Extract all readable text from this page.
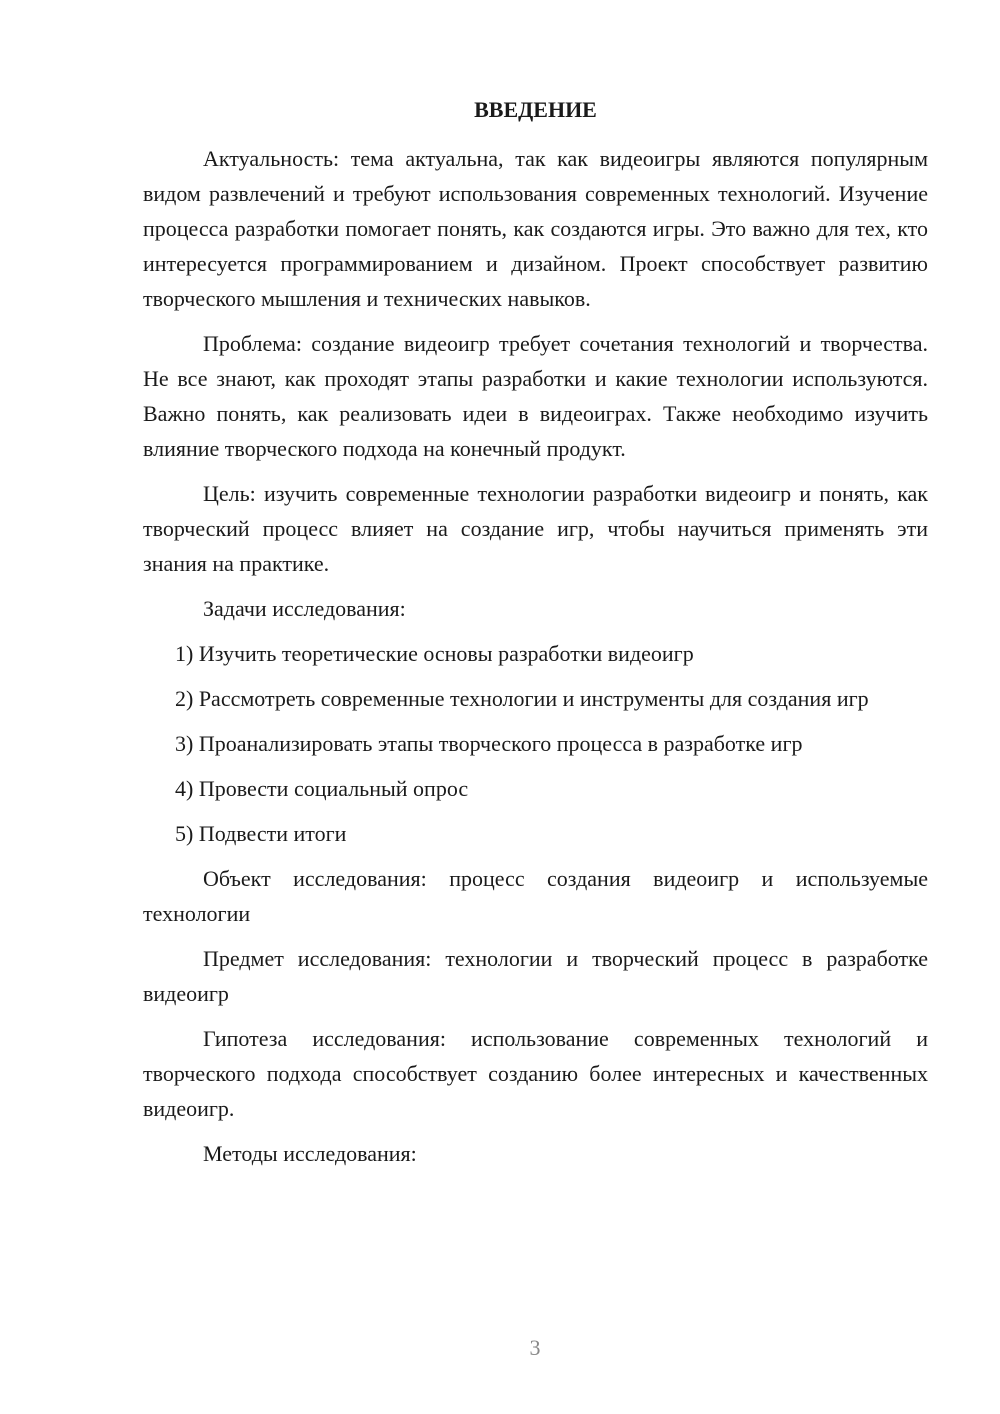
ВВЕДЕНИЕ

Актуальность: тема актуальна, так как видеоигры являются популярным видом развлечений и требуют использования современных технологий. Изучение процесса разработки помогает понять, как создаются игры. Это важно для тех, кто интересуется программированием и дизайном. Проект способствует развитию творческого мышления и технических навыков.

Проблема: создание видеоигр требует сочетания технологий и творчества. Не все знают, как проходят этапы разработки и какие технологии используются. Важно понять, как реализовать идеи в видеоиграх. Также необходимо изучить влияние творческого подхода на конечный продукт.

Цель: изучить современные технологии разработки видеоигр и понять, как творческий процесс влияет на создание игр, чтобы научиться применять эти знания на практике.

Задачи исследования:

1) Изучить теоретические основы разработки видеоигр

2) Рассмотреть современные технологии и инструменты для создания игр

3) Проанализировать этапы творческого процесса в разработке игр

4) Провести социальный опрос

5) Подвести итоги

Объект исследования: процесс создания видеоигр и используемые технологии

Предмет исследования: технологии и творческий процесс в разработке видеоигр

Гипотеза исследования: использование современных технологий и творческого подхода способствует созданию более интересных и качественных видеоигр.

Методы исследования:

3
